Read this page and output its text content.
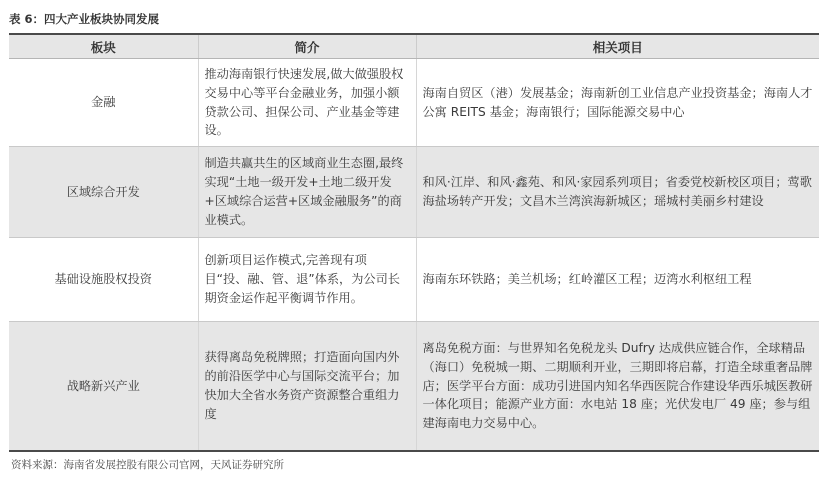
表 6：四大产业板块协同发展
板块	简介	相关项目
金融	推动海南银行快速发展,做大做强股权交易中心等平台金融业务，加强小额贷款公司、担保公司、产业基金等建设。	海南自贸区（港）发展基金；海南新创工业信息产业投资基金；海南人才公寓 REITS 基金；海南银行；国际能源交易中心
区域综合开发	制造共赢共生的区域商业生态圈,最终实现“土地一级开发+土地二级开发+区域综合运营+区域金融服务”的商业模式。	和风·江岸、和风·鑫苑、和风·家园系列项目；省委党校新校区项目；莺歌海盐场转产开发；文昌木兰湾滨海新城区；瑶城村美丽乡村建设
基础设施股权投资	创新项目运作模式,完善现有项目“投、融、管、退”体系，为公司长期资金运作起平衡调节作用。	海南东环铁路；美兰机场；红岭灌区工程；迈湾水利枢纽工程
战略新兴产业	获得离岛免税牌照；打造面向国内外的前沿医学中心与国际交流平台；加快加大全省水务资产资源整合重组力度	离岛免税方面：与世界知名免税龙头 Dufry 达成供应链合作，全球精品（海口）免税城一期、二期顺利开业，三期即将启幕，打造全球重奢品牌店；医学平台方面：成功引进国内知名华西医院合作建设华西乐城医教研一体化项目；能源产业方面：水电站 18 座；光伏发电厂 49 座；参与组建海南电力交易中心。
资料来源：海南省发展控股有限公司官网，天风证券研究所
